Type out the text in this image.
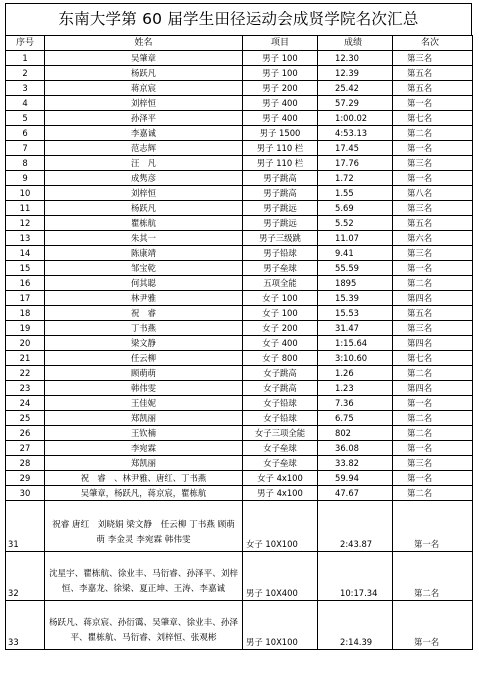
东南大学第 60 届学生田径运动会成贤学院名次汇总
序号	姓名	项目	成绩	名次
1	吴肇章	男子 100	12.30	第三名
2	杨跃凡	男子 100	12.39	第五名
3	蒋京宸	男子 200	25.42	第五名
4	刘梓恒	男子 400	57.29	第一名
5	孙泽平	男子 400	1:00.02	第七名
6	李嘉诚	男子 1500	4:53.13	第二名
7	范志辉	男子 110 栏	17.45	第一名
8	汪　凡	男子 110 栏	17.76	第三名
9	成隽彦	男子跳高	1.72	第一名
10	刘梓恒	男子跳高	1.55	第八名
11	杨跃凡	男子跳远	5.69	第三名
12	瞿栋航	男子跳远	5.52	第五名
13	朱其一	男子三级跳	11.07	第六名
14	陈康靖	男子铅球	9.41	第三名
15	邹宝乾	男子垒球	55.59	第一名
16	何其聪	五项全能	1895	第二名
17	林尹雅	女子 100	15.39	第四名
18	祝　睿	女子 100	15.53	第五名
19	丁书燕	女子 200	31.47	第三名
20	梁文静	女子 400	1:15.64	第四名
21	任云柳	女子 800	3:10.60	第七名
22	顾萌萌	女子跳高	1.26	第二名
23	韩伟雯	女子跳高	1.23	第四名
24	王佳妮	女子铅球	7.36	第一名
25	郑凯丽	女子铅球	6.75	第二名
26	王钦楠	女子三项全能	802	第二名
27	李宛霖	女子垒球	36.08	第一名
28	郑凯丽	女子垒球	33.82	第三名
29	祝　睿　、林尹雅、唐红、丁书燕	女子 4x100	59.94	第一名
30	吴肇章，杨跃凡，蒋京宸，瞿栋航	男子 4x100	47.67	第二名
31	祝睿 唐红　刘晓娟 梁文静　任云柳 丁书燕 顾萌萌 李金灵 李宛霖 韩伟雯	女子 10X100	2:43.87	第一名
32	沈星宇、瞿栋航、徐业丰、马衍睿、孙泽平、刘梓恒、李嘉龙、徐梁、夏正坤、王涛、李嘉诚	男子 10X400	10:17.34	第二名
33	杨跃凡、蒋京宸、孙衍霭、吴肇章、徐业丰、孙泽平、瞿栋航、马衍睿、刘梓恒、张观彬	男子 10X100	2:14.39	第一名
